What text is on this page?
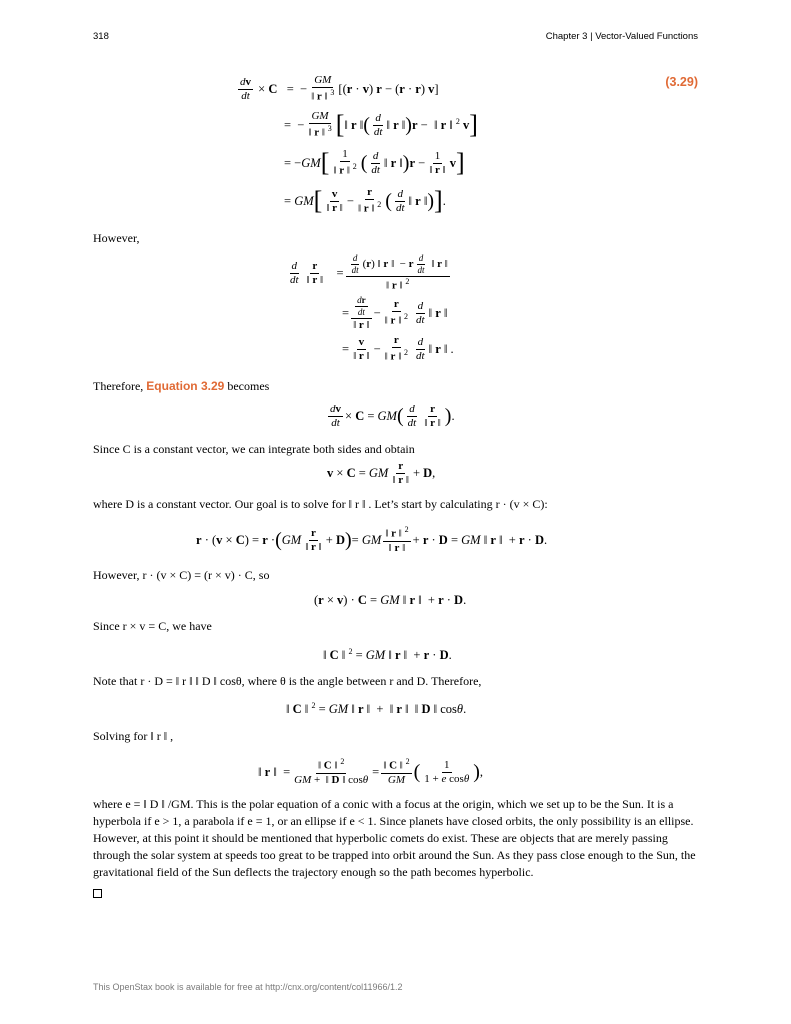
318	Chapter 3 | Vector-Valued Functions
(3.29)
$\frac{dv}{dt} \times C$   =  − $\frac{GM}{‖ r ‖ ^3} [(r \cdot v) r - (r \cdot r)$ v]
=  − $\frac{GM}{‖ r ‖ ^3}$ [ ‖ r ‖ ( $\frac{d}{dt}$ ‖ r ‖ ) r −  ‖ r ‖ $^2$ v ]
= −GM [ $\frac{1}{‖ r ‖ ^2}$ ( $\frac{d}{dt}$ ‖ r ‖ ) $r - \frac{1}{‖ r ‖}$ v ]
= GM [ $\frac{v}{‖ r ‖} - \frac{r}{‖ r ‖ ^2}$ ( $\frac{d}{dt}$ ‖ r ‖ ) ] .
However,
$\frac{d}{dt} \frac{r}{‖ r ‖} = \frac{\frac{d}{dt} (r) ‖ r ‖ - r \frac{d}{dt} ‖ r ‖}{‖ r ‖ ^2}$
= $\frac{\frac{dr}{dt}}{‖ r ‖} - \frac{r}{‖ r ‖ ^2} \frac{d}{dt}$ ‖ r ‖
= $\frac{v}{‖ r ‖} - \frac{r}{‖ r ‖ ^2} \frac{d}{dt}$ ‖ r ‖ .
Therefore, Equation 3.29 becomes
$\frac{dv}{dt} \times C$ = GM ( $\frac{d}{dt} \frac{r}{‖ r ‖}$ ) .
Since C is a constant vector, we can integrate both sides and obtain
v × C = GM $\frac{r}{‖ r ‖} + D$,
where D is a constant vector. Our goal is to solve for ‖ r ‖ . Let’s start by calculating r · (v × C):
r · (v × C) = r · ( GM $\frac{r}{‖ r ‖} + D$ ) = GM $\frac{‖ r ‖ ^2}{‖ r ‖} + r \cdot D$ = GM ‖ r ‖  + r · D.
However, r · (v × C) = (r × v) · C, so
(r × v) · C = GM ‖ r ‖  + r · D.
Since r × v = C, we have
‖ C ‖ $^2$ = GM ‖ r ‖  + r · D.
Note that r · D = ‖ r ‖ ‖ D ‖ cosθ, where θ is the angle between r and D. Therefore,
‖ C ‖ $^2$ = GM ‖ r ‖  +  ‖ r ‖  ‖ D ‖ cosθ.
Solving for ‖ r ‖ ,
‖ r ‖  = $\frac{‖ C ‖ ^2}{GM + ‖ D ‖ \cos\theta} = \frac{‖ C ‖ ^2}{GM}$ ( $\frac{1}{\text{1 + e cosθ}}$ ) ,
where e = ‖ D ‖ /GM. This is the polar equation of a conic with a focus at the origin, which we set up to be the Sun. It is a hyperbola if e > 1, a parabola if e = 1, or an ellipse if e < 1. Since planets have closed orbits, the only possibility is an ellipse. However, at this point it should be mentioned that hyperbolic comets do exist. These are objects that are merely passing through the solar system at speeds too great to be trapped into orbit around the Sun. As they pass close enough to the Sun, the gravitational field of the Sun deflects the trajectory enough so the path becomes hyperbolic.
This OpenStax book is available for free at http://cnx.org/content/col11966/1.2
